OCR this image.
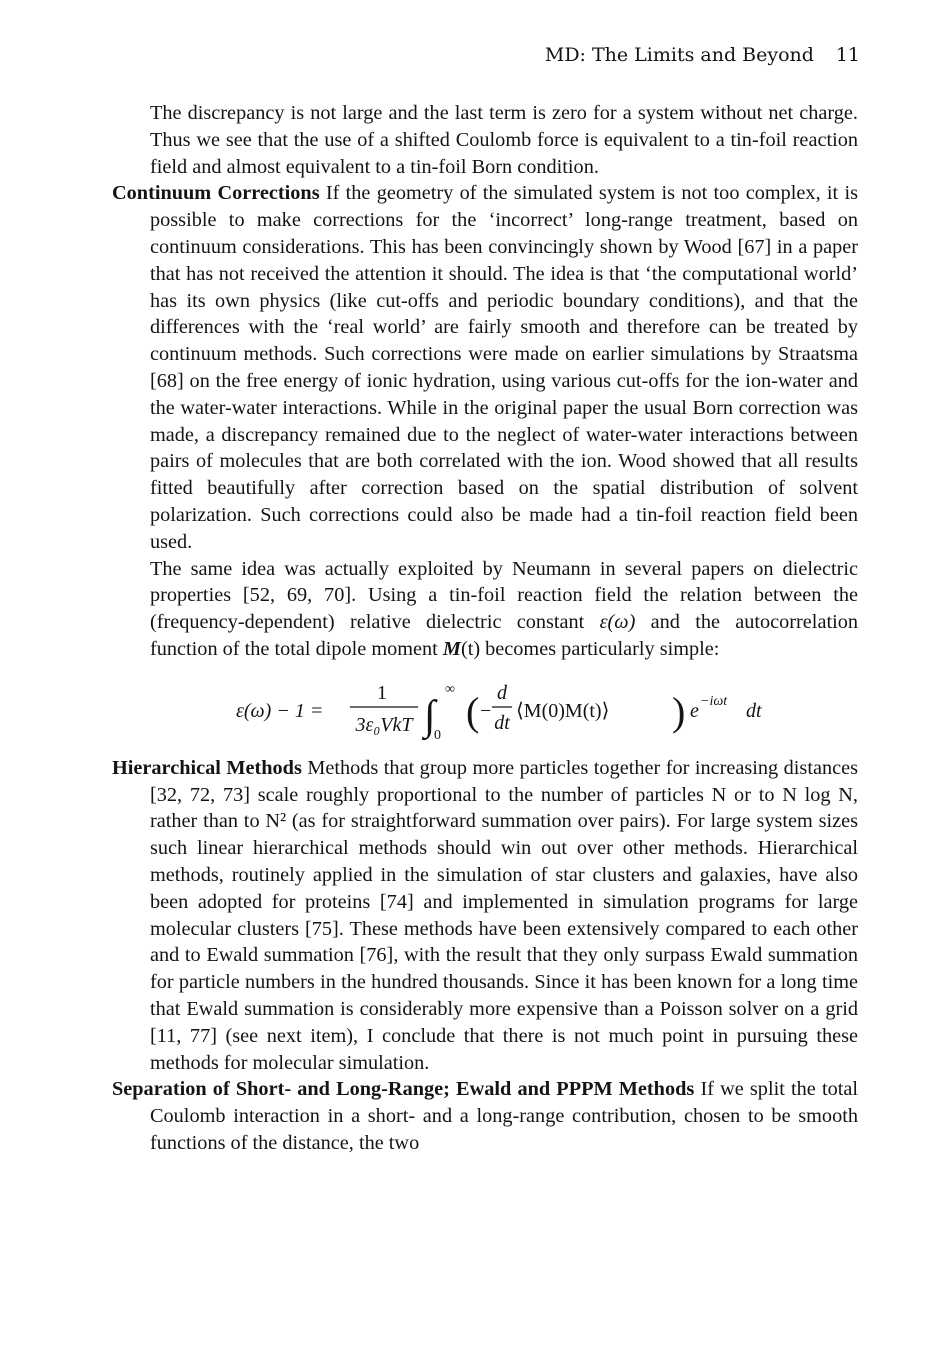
MD: The Limits and Beyond 11

The discrepancy is not large and the last term is zero for a system without net charge. Thus we see that the use of a shifted Coulomb force is equivalent to a tin-foil reaction field and almost equivalent to a tin-foil Born condition.

Continuum Corrections If the geometry of the simulated system is not too complex, it is possible to make corrections for the ‘incorrect’ long-range treatment, based on continuum considerations. This has been convincingly shown by Wood [67] in a paper that has not received the attention it should. The idea is that ‘the computational world’ has its own physics (like cut-offs and periodic boundary conditions), and that the differences with the ‘real world’ are fairly smooth and therefore can be treated by continuum methods. Such corrections were made on earlier simulations by Straatsma [68] on the free energy of ionic hydration, using various cut-offs for the ion-water and the water-water interactions. While in the original paper the usual Born correction was made, a discrepancy remained due to the neglect of water-water interactions between pairs of molecules that are both correlated with the ion. Wood showed that all results fitted beautifully after correction based on the spatial distribution of solvent polarization. Such corrections could also be made had a tin-foil reaction field been used.

The same idea was actually exploited by Neumann in several papers on dielectric properties [52, 69, 70]. Using a tin-foil reaction field the relation between the (frequency-dependent) relative dielectric constant ε(ω) and the autocorrelation function of the total dipole moment M(t) becomes particularly simple:

ε(ω) − 1 =
1
3ε₀VkT ∫
∞
0
( −
d
dt
⟨M(0)M(t)⟩ ) e −iωt dt
Hierarchical Methods Methods that group more particles together for increasing distances [32, 72, 73] scale roughly proportional to the number of particles N or to N log N, rather than to N² (as for straightforward summation over pairs). For large system sizes such linear hierarchical methods should win out over other methods. Hierarchical methods, routinely applied in the simulation of star clusters and galaxies, have also been adopted for proteins [74] and implemented in simulation programs for large molecular clusters [75]. These methods have been extensively compared to each other and to Ewald summation [76], with the result that they only surpass Ewald summation for particle numbers in the hundred thousands. Since it has been known for a long time that Ewald summation is considerably more expensive than a Poisson solver on a grid [11, 77] (see next item), I conclude that there is not much point in pursuing these methods for molecular simulation.
Separation of Short- and Long-Range; Ewald and PPPM Methods If we split the total Coulomb interaction in a short- and a long-range contribution, chosen to be smooth functions of the distance, the two
